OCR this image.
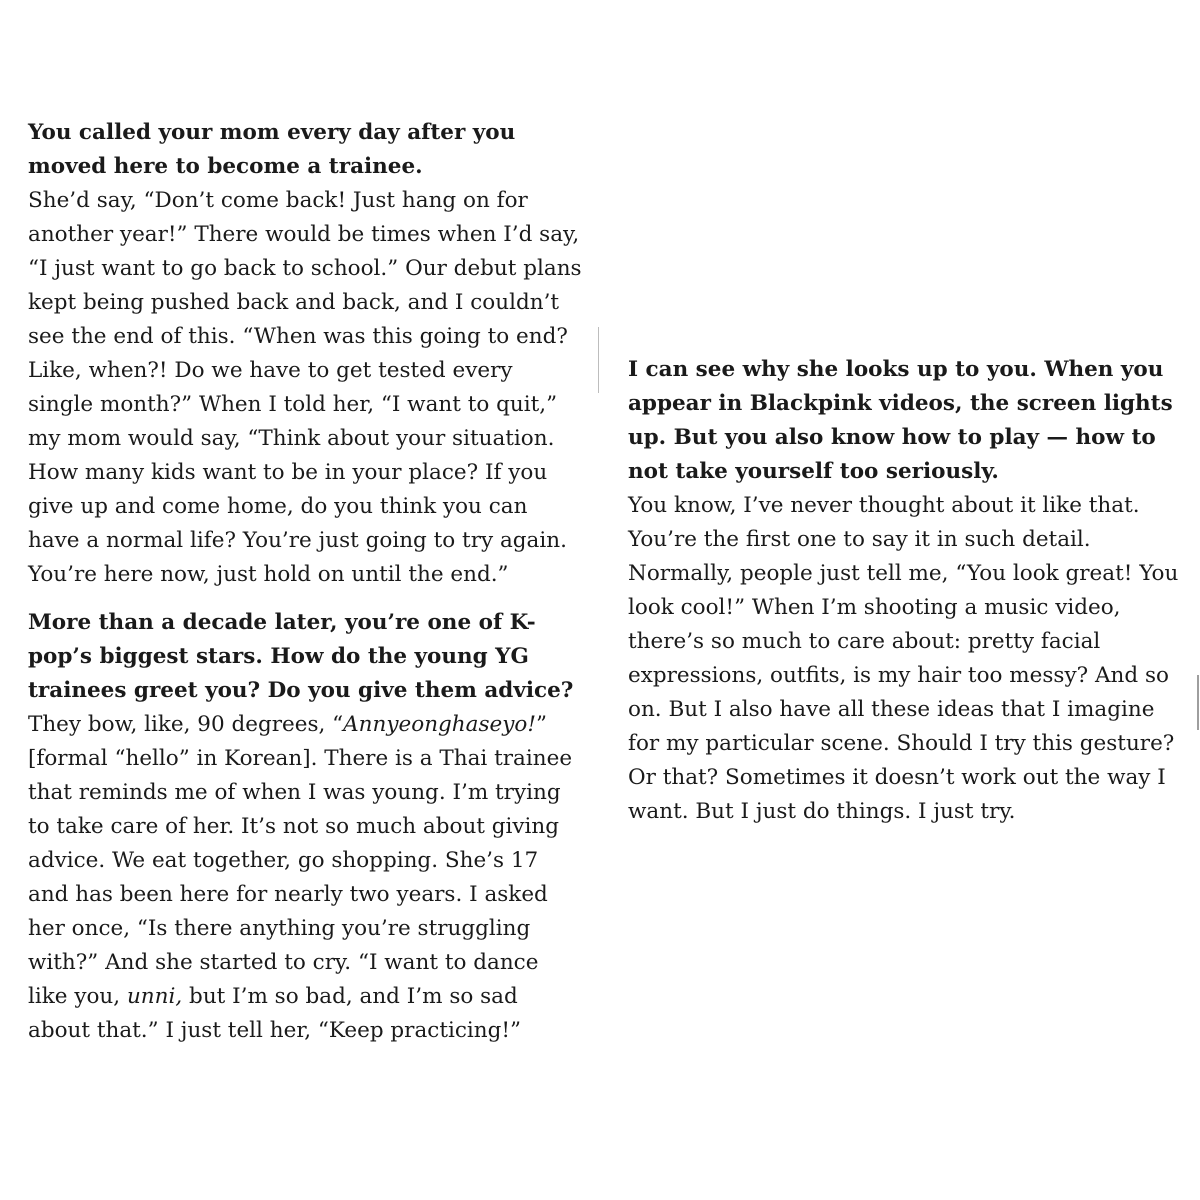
You called your mom every day after you moved here to become a trainee.

She’d say, “Don’t come back! Just hang on for another year!” There would be times when I’d say, “I just want to go back to school.” Our debut plans kept being pushed back and back, and I couldn’t see the end of this. “When was this going to end? Like, when?! Do we have to get tested every single month?” When I told her, “I want to quit,” my mom would say, “Think about your situation. How many kids want to be in your place? If you give up and come home, do you think you can have a normal life? You’re just going to try again. You’re here now, just hold on until the end.”

More than a decade later, you’re one of K-pop’s biggest stars. How do the young YG trainees greet you? Do you give them advice?

They bow, like, 90 degrees, “Annyeonghaseyo!” [formal “hello” in Korean]. There is a Thai trainee that reminds me of when I was young. I’m trying to take care of her. It’s not so much about giving advice. We eat together, go shopping. She’s 17 and has been here for nearly two years. I asked her once, “Is there anything you’re struggling with?” And she started to cry. “I want to dance like you, unni, but I’m so bad, and I’m so sad about that.” I just tell her, “Keep practicing!”

I can see why she looks up to you. When you appear in Blackpink videos, the screen lights up. But you also know how to play — how to not take yourself too seriously.

You know, I’ve never thought about it like that. You’re the first one to say it in such detail. Normally, people just tell me, “You look great! You look cool!” When I’m shooting a music video, there’s so much to care about: pretty facial expressions, outfits, is my hair too messy? And so on. But I also have all these ideas that I imagine for my particular scene. Should I try this gesture? Or that? Sometimes it doesn’t work out the way I want. But I just do things. I just try.
